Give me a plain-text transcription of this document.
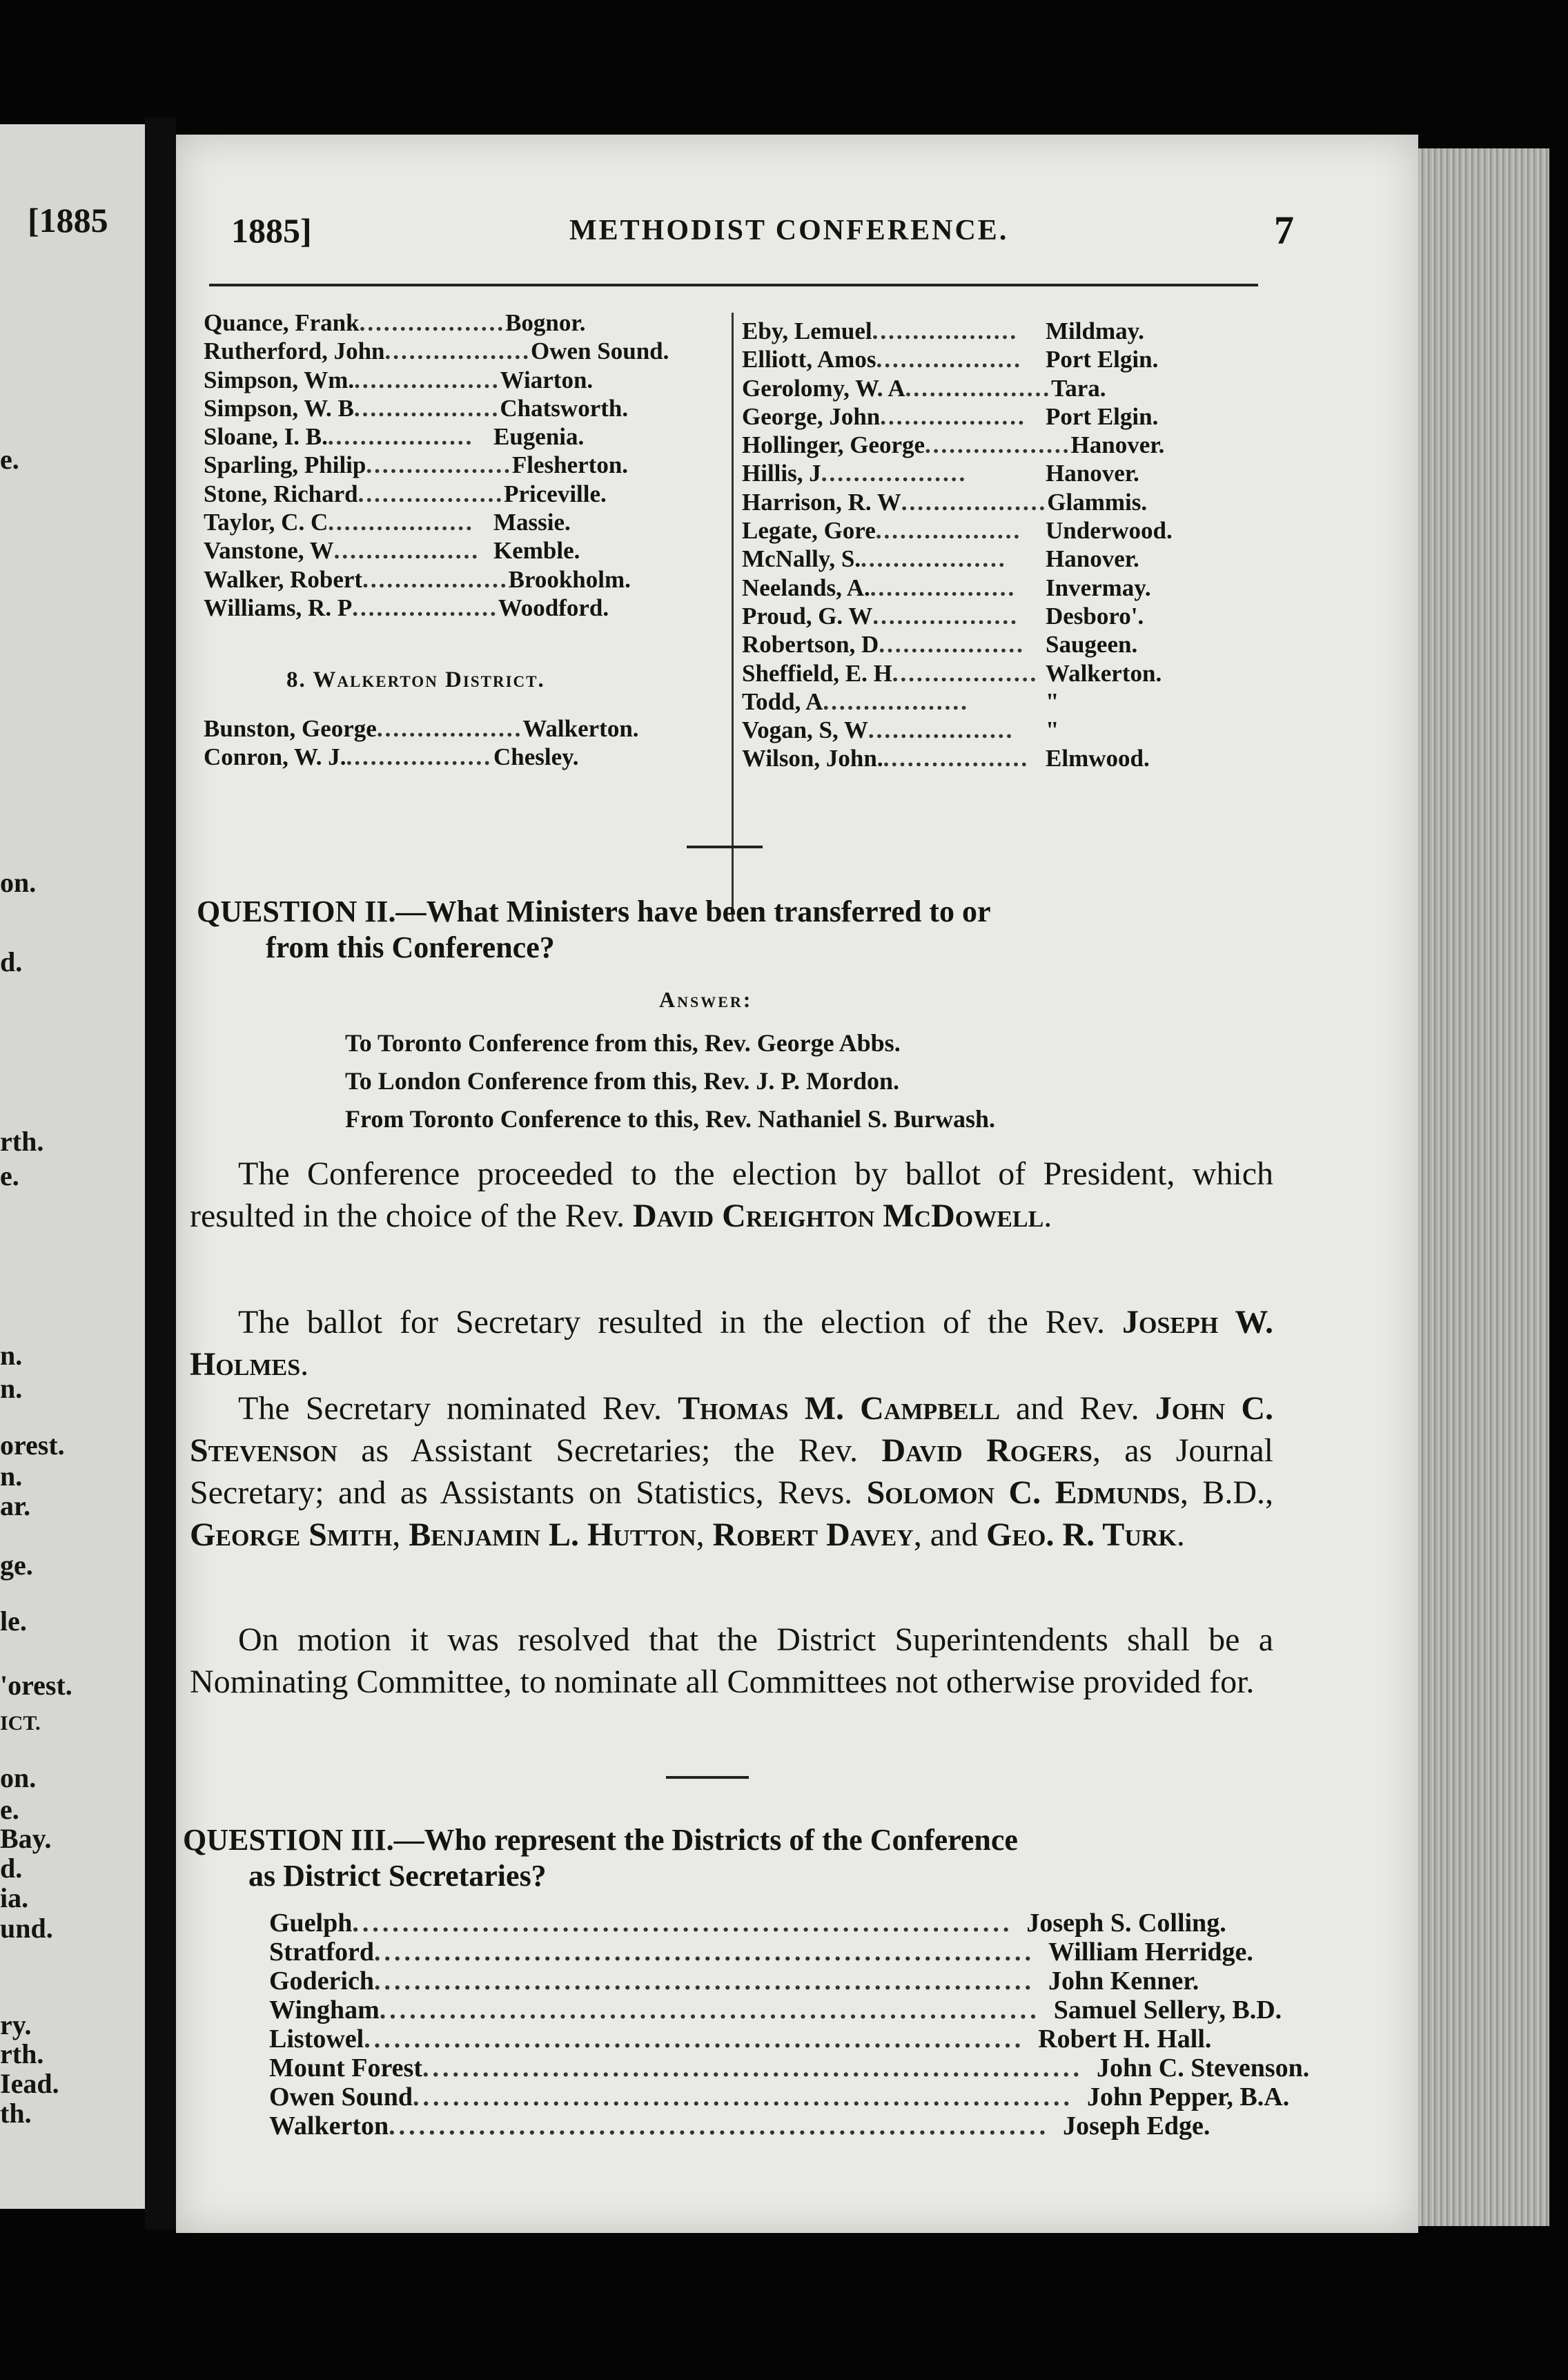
[1885
e.
on.
d.
rth.
e.
n.
n.
orest.
n.
ar.
ge.
le.
'orest.
ICT.
on.
e.
Bay.
d.
ia.
und.
ry.
rth.
Iead.
th.
1885]	METHODIST CONFERENCE.	7
Quance, Frank .................. Bognor.
Rutherford, John .................. Owen Sound.
Simpson, Wm. .................. Wiarton.
Simpson, W. B .................. Chatsworth.
Sloane, I. B. .................. Eugenia.
Sparling, Philip .................. Flesherton.
Stone, Richard .................. Priceville.
Taylor, C. C .................. Massie.
Vanstone, W .................. Kemble.
Walker, Robert .................. Brookholm.
Williams, R. P .................. Woodford.
8. Walkerton District.
Bunston, George .................. Walkerton.
Conron, W. J. .................. Chesley.
Eby, Lemuel ..................	Mildmay.
Elliott, Amos .................. Port Elgin.
Gerolomy, W. A .................. Tara.
George, John .................. Port Elgin.
Hollinger, George .................. Hanover.
Hillis, J ..................	Hanover.
Harrison, R. W .................. Glammis.
Legate, Gore .................. Underwood.
McNally, S. ..................	Hanover.
Neelands, A. ..................	Invermay.
Proud, G. W ..................	Desboro'.
Robertson, D .................. Saugeen.
Sheffield, E. H .................. Walkerton.
Todd, A ..................	"
Vogan, S, W ..................	"
Wilson, John. .................. Elmwood.
QUESTION II.—What Ministers have been transferred to or
from this Conference?
Answer:
To Toronto Conference from this, Rev. George Abbs.
To London Conference from this, Rev. J. P. Mordon.
From Toronto Conference to this, Rev. Nathaniel S. Burwash.
The Conference proceeded to the election by ballot of President, which resulted in the choice of the Rev. David Creighton McDowell.
The ballot for Secretary resulted in the election of the Rev. Joseph W. Holmes.
The Secretary nominated Rev. Thomas M. Campbell and Rev. John C. Stevenson as Assistant Secretaries; the Rev. David Rogers, as Journal Secretary; and as Assistants on Statistics, Revs. Solomon C. Edmunds, B.D., George Smith, Benjamin L. Hutton, Robert Davey, and Geo. R. Turk.
On motion it was resolved that the District Superintendents shall be a Nominating Committee, to nominate all Committees not otherwise provided for.
QUESTION III.—Who represent the Districts of the Conference
as District Secretaries?
Guelph .................................................................. Joseph S. Colling.
Stratford .................................................................. William Herridge.
Goderich .................................................................. John Kenner.
Wingham .................................................................. Samuel Sellery, B.D.
Listowel .................................................................. Robert H. Hall.
Mount Forest .................................................................. John C. Stevenson.
Owen Sound .................................................................. John Pepper, B.A.
Walkerton .................................................................. Joseph Edge.
